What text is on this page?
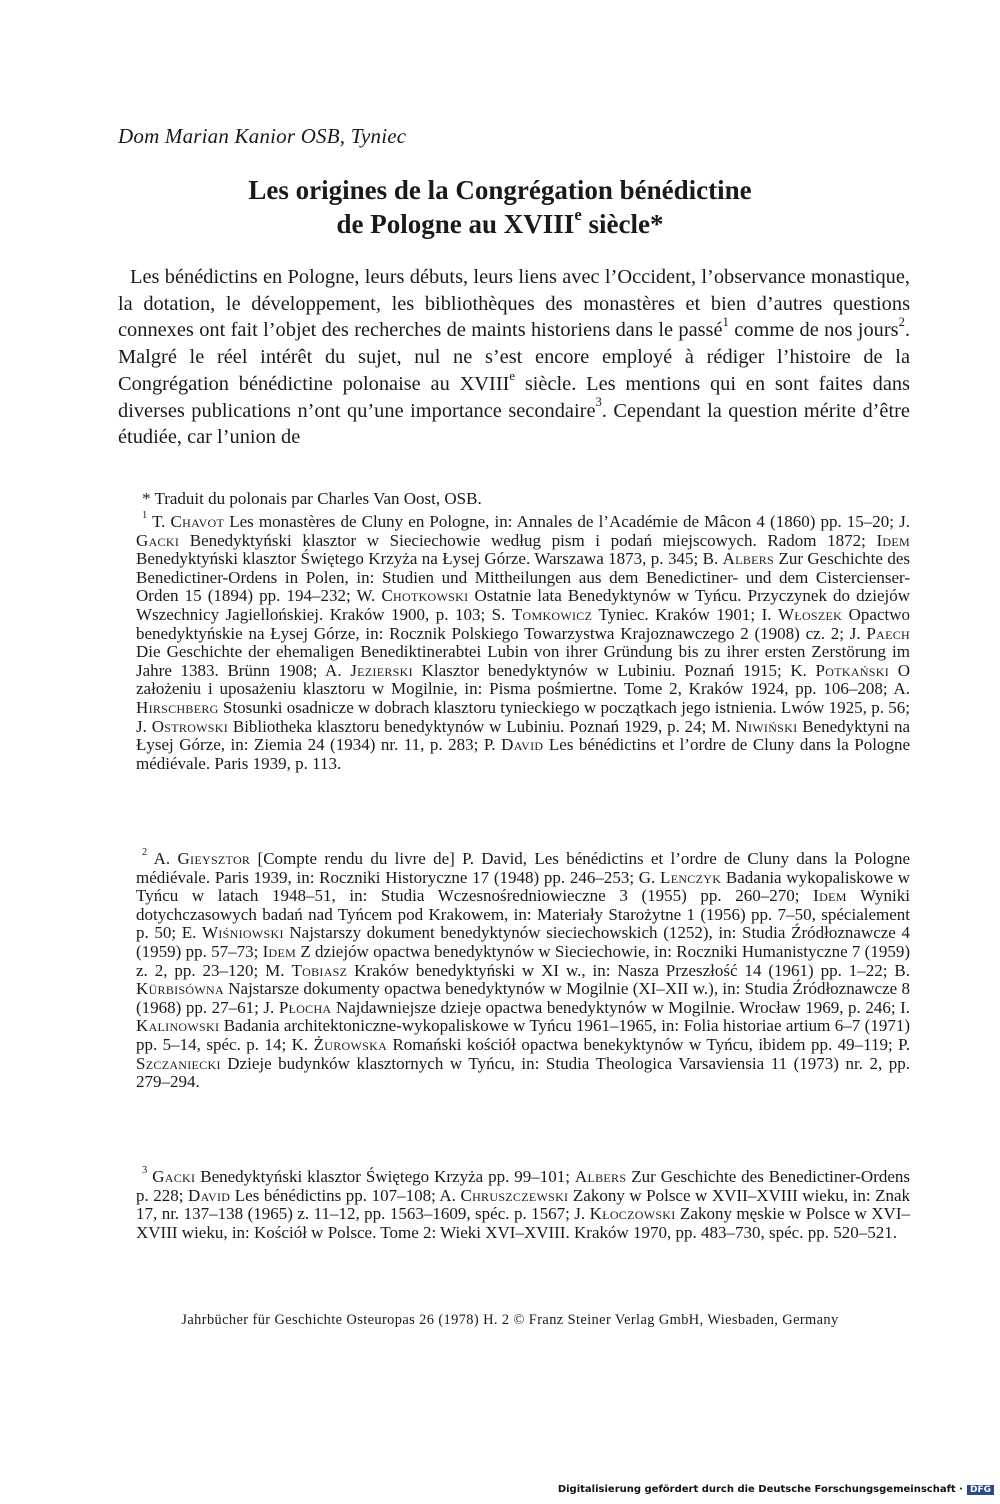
Dom Marian Kanior OSB, Tyniec
Les origines de la Congrégation bénédictine
de Pologne au XVIIIe siècle*

Les bénédictins en Pologne, leurs débuts, leurs liens avec l’Occident, l’observance monastique, la dotation, le développement, les bibliothèques des monastères et bien d’autres questions connexes ont fait l’objet des recherches de maints historiens dans le passé$^1$ comme de nos jours$^2$. Malgré le réel intérêt du sujet, nul ne s’est encore employé à rédiger l’histoire de la Congrégation bénédictine polonaise au XVIIIe siècle. Les mentions qui en sont faites dans diverses publications n’ont qu’une importance secondaire$^3$. Cependant la question mérite d’être étudiée, car l’union de

* Traduit du polonais par Charles Van Oost, OSB.

$^1$ T. Chavot Les monastères de Cluny en Pologne, in: Annales de l’Académie de Mâcon 4 (1860) pp. 15–20; J. Gacki Benedyktyński klasztor w Sieciechowie według pism i podań miejscowych. Radom 1872; Idem Benedyktyński klasztor Świętego Krzyża na Łysej Górze. Warszawa 1873, p. 345; B. Albers Zur Geschichte des Benedictiner-Ordens in Polen, in: Studien und Mittheilungen aus dem Benedictiner- und dem Cistercienser-Orden 15 (1894) pp. 194–232; W. Chotkowski Ostatnie lata Benedyktynów w Tyńcu. Przyczynek do dziejów Wszechnicy Jagiellońskiej. Kraków 1900, p. 103; S. Tomkowicz Tyniec. Kraków 1901; I. Włoszek Opactwo benedyktyńskie na Łysej Górze, in: Rocznik Polskiego Towarzystwa Krajoznawczego 2 (1908) cz. 2; J. Paech Die Geschichte der ehemaligen Benediktinerabtei Lubin von ihrer Gründung bis zu ihrer ersten Zerstörung im Jahre 1383. Brünn 1908; A. Jezierski Klasztor benedyktynów w Lubiniu. Poznań 1915; K. Potkański O założeniu i uposażeniu klasztoru w Mogilnie, in: Pisma pośmiertne. Tome 2, Kraków 1924, pp. 106–208; A. Hirschberg Stosunki osadnicze w dobrach klasztoru tynieckiego w początkach jego istnienia. Lwów 1925, p. 56; J. Ostrowski Bibliotheka klasztoru benedyktynów w Lubiniu. Poznań 1929, p. 24; M. Niwiński Benedyktyni na Łysej Górze, in: Ziemia 24 (1934) nr. 11, p. 283; P. David Les bénédictins et l’ordre de Cluny dans la Pologne médiévale. Paris 1939, p. 113.

$^2$ A. Gieysztor [Compte rendu du livre de] P. David, Les bénédictins et l’ordre de Cluny dans la Pologne médiévale. Paris 1939, in: Roczniki Historyczne 17 (1948) pp. 246–253; G. Lenczyk Badania wykopaliskowe w Tyńcu w latach 1948–51, in: Studia Wczesnośredniowieczne 3 (1955) pp. 260–270; Idem Wyniki dotychczasowych badań nad Tyńcem pod Krakowem, in: Materiały Starożytne 1 (1956) pp. 7–50, spécialement p. 50; E. Wiśniowski Najstarszy dokument benedyktynów sieciechowskich (1252), in: Studia Źródłoznawcze 4 (1959) pp. 57–73; Idem Z dziejów opactwa benedyktynów w Sieciechowie, in: Roczniki Humanistyczne 7 (1959) z. 2, pp. 23–120; M. Tobiasz Kraków benedyktyński w XI w., in: Nasza Przeszłość 14 (1961) pp. 1–22; B. Kürbisówna Najstarsze dokumenty opactwa benedyktynów w Mogilnie (XI–XII w.), in: Studia Źródłoznawcze 8 (1968) pp. 27–61; J. Płocha Najdawniejsze dzieje opactwa benedyktynów w Mogilnie. Wrocław 1969, p. 246; I. Kalinowski Badania architektoniczne-wykopaliskowe w Tyńcu 1961–1965, in: Folia historiae artium 6–7 (1971) pp. 5–14, spéc. p. 14; K. Żurowska Romański kościół opactwa benekyktynów w Tyńcu, ibidem pp. 49–119; P. Szczaniecki Dzieje budynków klasztornych w Tyńcu, in: Studia Theologica Varsaviensia 11 (1973) nr. 2, pp. 279–294.

$^3$ Gacki Benedyktyński klasztor Świętego Krzyża pp. 99–101; Albers Zur Geschichte des Benedictiner-Ordens p. 228; David Les bénédictins pp. 107–108; A. Chruszczewski Zakony w Polsce w XVII–XVIII wieku, in: Znak 17, nr. 137–138 (1965) z. 11–12, pp. 1563–1609, spéc. p. 1567; J. Kłoczowski Zakony męskie w Polsce w XVI–XVIII wieku, in: Kościół w Polsce. Tome 2: Wieki XVI–XVIII. Kraków 1970, pp. 483–730, spéc. pp. 520–521.

Jahrbücher für Geschichte Osteuropas 26 (1978) H. 2 © Franz Steiner Verlag GmbH, Wiesbaden, Germany
Digitalisierung gefördert durch die Deutsche Forschungsgemeinschaft · DFG
